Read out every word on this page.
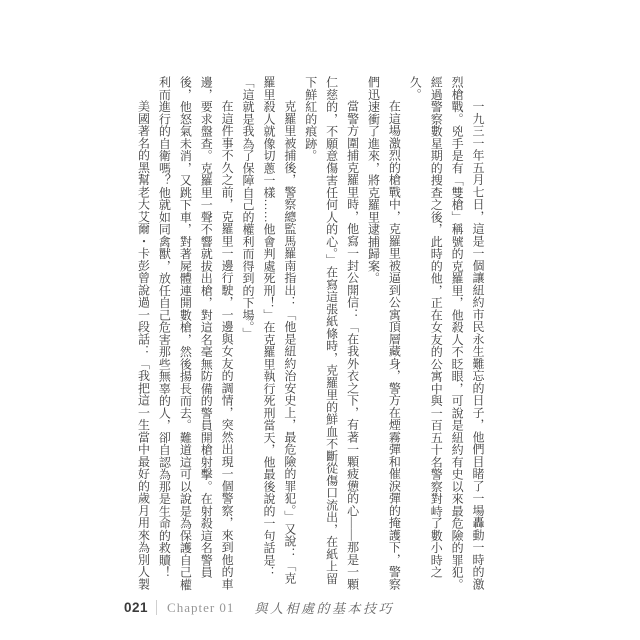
一九三一年五月七日，這是一個讓紐約市民永生難忘的日子，他們目睹了一場轟動一時的激烈槍戰。兇手是有「雙槍」稱號的克羅里，他殺人不眨眼，可說是紐約有史以來最危險的罪犯。經過警察數星期的搜查之後，此時的他，正在女友的公寓中與一百五十名警察對峙了數小時之久。

在這場激烈的槍戰中，克羅里被逼到公寓頂層藏身，警方在煙霧彈和催淚彈的掩護下，警察們迅速衝了進來，將克羅里逮捕歸案。

當警方圍捕克羅里時，他寫一封公開信：「在我外衣之下，有著一顆疲憊的心——那是一顆仁慈的，不願意傷害任何人的心。」在寫這張紙條時，克羅里的鮮血不斷從傷口流出，在紙上留下鮮紅的痕跡。

克羅里被捕後，警察總監馬羅南指出：「他是紐約治安史上，最危險的罪犯。」又說：「克羅里殺人就像切蔥一樣……他會判處死刑！」在克羅里執行死刑當天，他最後說的一句話是：

「這就是我為了保障自己的權利而得到的下場。」

在這件事不久之前，克羅里一邊行駛，一邊與女友的調情，突然出現一個警察，來到他的車邊，要求盤查。克羅里一聲不響就拔出槍，對這名毫無防備的警員開槍射擊。在射殺這名警員後，他怒氣未消，又跳下車，對著屍體連開數槍，然後揚長而去。難道這可以說是為保護自己權利而進行的自衛嗎？他就如同禽獸，放任自己危害那些無辜的人，卻自認為那是生命的救贖！

美國著名的黑幫老大艾爾・卡彭曾說過一段話：「我把這一生當中最好的歲月用來為別人製

021 Chapter 01 與人相處的基本技巧
